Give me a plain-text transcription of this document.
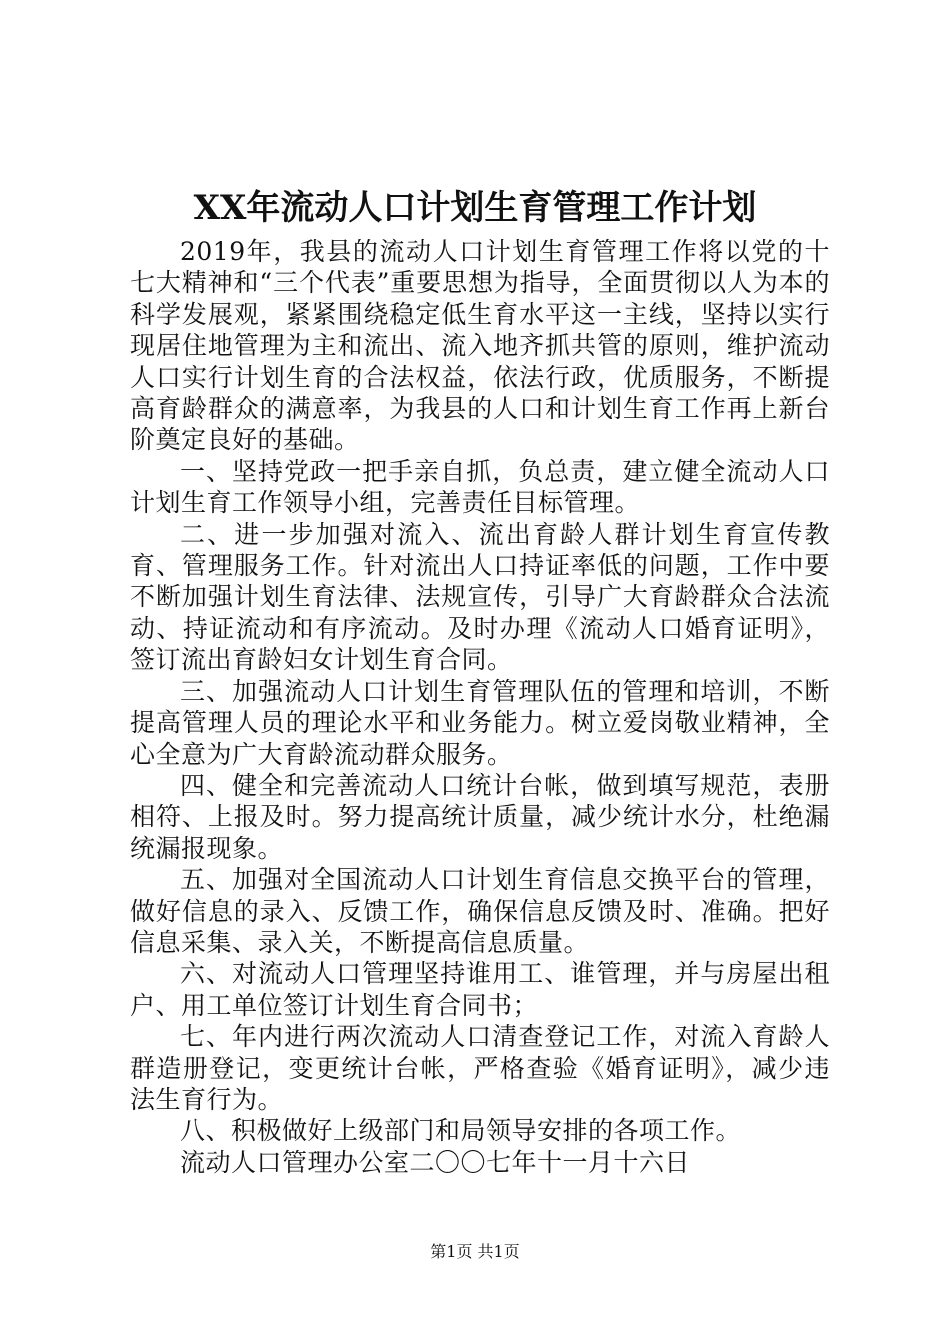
XX年流动人口计划生育管理工作计划

2019年，我县的流动人口计划生育管理工作将以党的十七大精神和“三个代表”重要思想为指导，全面贯彻以人为本的科学发展观，紧紧围绕稳定低生育水平这一主线，坚持以实行现居住地管理为主和流出、流入地齐抓共管的原则，维护流动人口实行计划生育的合法权益，依法行政，优质服务，不断提高育龄群众的满意率，为我县的人口和计划生育工作再上新台阶奠定良好的基础。

一、坚持党政一把手亲自抓，负总责，建立健全流动人口计划生育工作领导小组，完善责任目标管理。

二、进一步加强对流入、流出育龄人群计划生育宣传教育、管理服务工作。针对流出人口持证率低的问题，工作中要不断加强计划生育法律、法规宣传，引导广大育龄群众合法流动、持证流动和有序流动。及时办理《流动人口婚育证明》，签订流出育龄妇女计划生育合同。

三、加强流动人口计划生育管理队伍的管理和培训，不断提高管理人员的理论水平和业务能力。树立爱岗敬业精神，全心全意为广大育龄流动群众服务。

四、健全和完善流动人口统计台帐，做到填写规范，表册相符、上报及时。努力提高统计质量，减少统计水分，杜绝漏统漏报现象。

五、加强对全国流动人口计划生育信息交换平台的管理，做好信息的录入、反馈工作，确保信息反馈及时、准确。把好信息采集、录入关，不断提高信息质量。

六、对流动人口管理坚持谁用工、谁管理，并与房屋出租户、用工单位签订计划生育合同书；

七、年内进行两次流动人口清查登记工作，对流入育龄人群造册登记，变更统计台帐，严格查验《婚育证明》，减少违法生育行为。

八、积极做好上级部门和局领导安排的各项工作。

流动人口管理办公室二〇〇七年十一月十六日

第1页 共1页
